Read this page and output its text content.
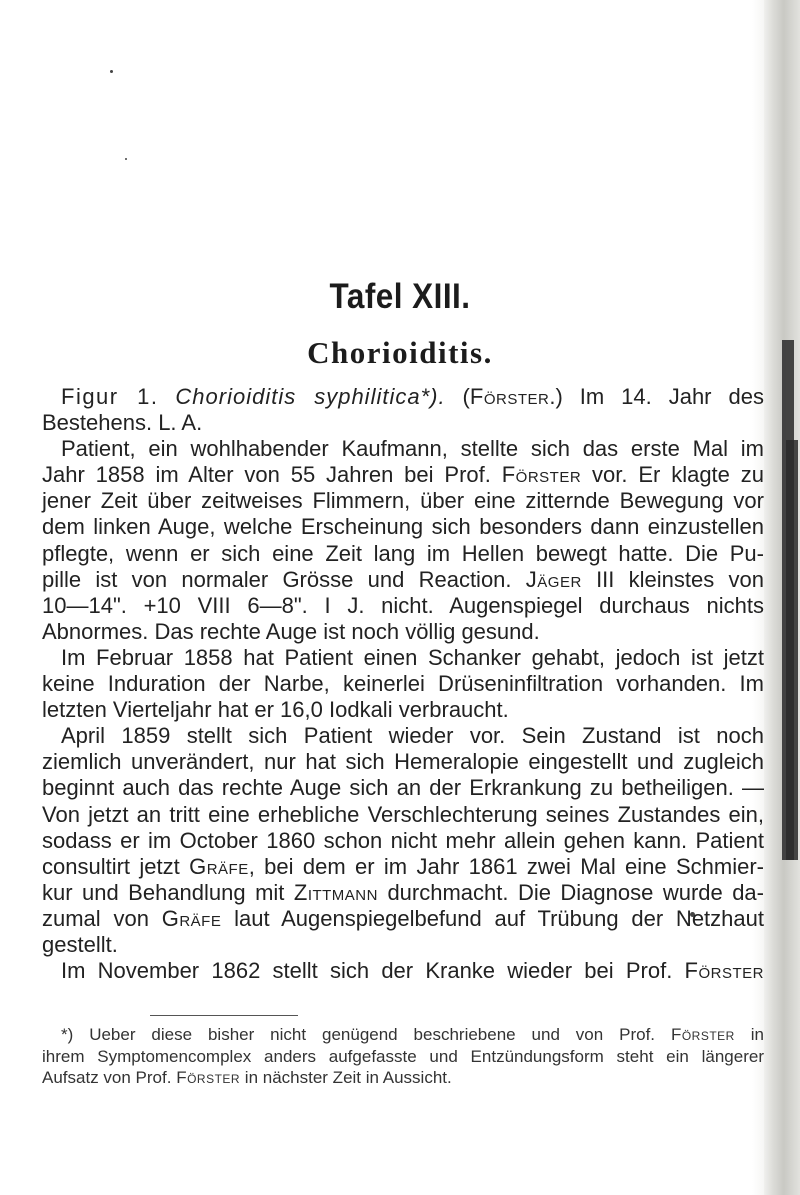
Tafel XIII.
Chorioiditis.
Figur 1. Chorioiditis syphilitica*). (Förster.) Im 14. Jahr des
Bestehens. L. A.
Patient, ein wohlhabender Kaufmann, stellte sich das erste Mal im
Jahr 1858 im Alter von 55 Jahren bei Prof. Förster vor. Er klagte zu
jener Zeit über zeitweises Flimmern, über eine zitternde Bewegung vor
dem linken Auge, welche Erscheinung sich besonders dann einzustellen
pflegte, wenn er sich eine Zeit lang im Hellen bewegt hatte. Die Pu-
pille ist von normaler Grösse und Reaction. Jäger III kleinstes von
10—14". +10 VIII 6—8". I J. nicht. Augenspiegel durchaus nichts
Abnormes. Das rechte Auge ist noch völlig gesund.
Im Februar 1858 hat Patient einen Schanker gehabt, jedoch ist jetzt
keine Induration der Narbe, keinerlei Drüseninfiltration vorhanden. Im
letzten Vierteljahr hat er 16,0 Iodkali verbraucht.
April 1859 stellt sich Patient wieder vor. Sein Zustand ist noch
ziemlich unverändert, nur hat sich Hemeralopie eingestellt und zugleich
beginnt auch das rechte Auge sich an der Erkrankung zu betheiligen. —
Von jetzt an tritt eine erhebliche Verschlechterung seines Zustandes ein,
sodass er im October 1860 schon nicht mehr allein gehen kann. Patient
consultirt jetzt Gräfe, bei dem er im Jahr 1861 zwei Mal eine Schmier-
kur und Behandlung mit Zittmann durchmacht. Die Diagnose wurde da-
zumal von Gräfe laut Augenspiegelbefund auf Trübung der Netzhaut
gestellt.
Im November 1862 stellt sich der Kranke wieder bei Prof. Förster
*) Ueber diese bisher nicht genügend beschriebene und von Prof. Förster in
ihrem Symptomencomplex anders aufgefasste und Entzündungsform steht ein längerer
Aufsatz von Prof. Förster in nächster Zeit in Aussicht.
